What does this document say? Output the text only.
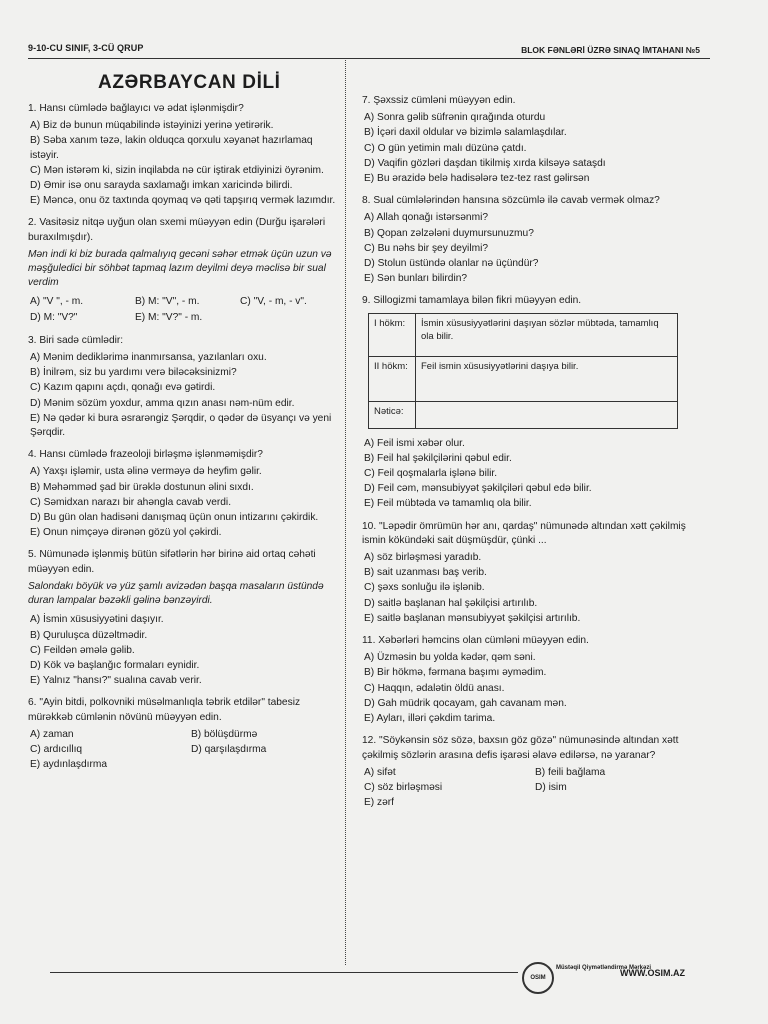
9-10-CU SINIF, 3-CÜ QRUP	BLOK FƏNLƏRİ ÜZRƏ SINAQ İMTAHANI №5
AZƏRBAYCAN DİLİ
1. Hansı cümlədə bağlayıcı və ədat işlənmişdir?
A) Biz də bunun müqabilində istəyinizi yerinə yetirərik.
B) Səba xanım təzə, lakin olduqca qorxulu xəyanət hazırlamaq istəyir.
C) Mən istərəm ki, sizin inqilabda nə cür iştirak etdiyinizi öyrənim.
D) Əmir isə onu sarayda saxlamağı imkan xaricində bilirdi.
E) Məncə, onu öz taxtında qoymaq və qəti tapşırıq vermək lazımdır.
2. Vasitəsiz nitqə uyğun olan sxemi müəyyən edin (Durğu işarələri buraxılmışdır).
Mən indi ki biz burada qalmalıyıq gecəni səhər etmək üçün uzun və məşğuledici bir söhbət tapmaq lazım deyilmi deyə məclisə bir sual verdim
A) "V ", - m.	B) M: "V", - m.	C) "V, - m, - v".
D) M: "V?"	E) M: "V?" - m.
3. Biri sadə cümlədir:
A) Mənim dediklərimə inanmırsansa, yazılanları oxu.
B) İnilrəm, siz bu yardımı verə biləcəksinizmi?
C) Kazım qapını açdı, qonağı evə gətirdi.
D) Mənim sözüm yoxdur, amma qızın anası nəm-nüm edir.
E) Nə qədər ki bura əsrarəngiz Şərqdir, o qədər də üsyançı və yeni Şərqdir.
4. Hansı cümlədə frazeoloji birləşmə işlənməmişdir?
A) Yaxşı işləmir, usta əlinə verməyə də heyfim gəlir.
B) Məhəmməd şad bir ürəklə dostunun əlini sıxdı.
C) Səmidxan narazı bir ahəngla cavab verdi.
D) Bu gün olan hadisəni danışmaq üçün onun intizarını çəkirdik.
E) Onun nimçəyə dirənən gözü yol çəkirdi.
5. Nümunədə işlənmiş bütün sifətlərin hər birinə aid ortaq cəhəti müəyyən edin.
Salondakı böyük və yüz şamlı avizədən başqa masaların üstündə duran lampalar bəzəkli gəlinə bənzəyirdi.
A) İsmin xüsusiyyətini daşıyır.
B) Quruluşca düzəltmədir.
C) Feildən əmələ gəlib.
D) Kök və başlanğıc formaları eynidir.
E) Yalnız "hansı?" sualına cavab verir.
6. "Ayin bitdi, polkovniki müsəlmanlıqla təbrik etdilər" tabesiz mürəkkəb cümlənin növünü müəyyən edin.
A) zaman	B) bölüşdürmə
C) ardıcıllıq	D) qarşılaşdırma
E) aydınlaşdırma
7. Şəxssiz cümləni müəyyən edin.
A) Sonra gəlib süfrənin qırağında oturdu
B) İçəri daxil oldular və bizimlə salamlaşdılar.
C) O gün yetimin malı düzünə çatdı.
D) Vaqifin gözləri daşdan tikilmiş xırda kilsəyə sataşdı
E) Bu ərazidə belə hadisələrə tez-tez rast gəlirsən
8. Sual cümlələrindən hansına sözcümlə ilə cavab vermək olmaz?
A) Allah qonağı istərsənmi?
B) Qopan zəlzələni duymursunuzmu?
C) Bu nəhs bir şey deyilmi?
D) Stolun üstündə olanlar nə üçündür?
E) Sən bunları bilirdin?
9. Sillogizmi tamamlaya bilən fikri müəyyən edin.
I hökm:	İsmin xüsusiyyətlərini daşıyan sözlər mübtəda, tamamlıq ola bilir.
II hökm:	Feil ismin xüsusiyyətlərini daşıya bilir.
Nəticə:	
A) Feil ismi xəbər olur.
B) Feil hal şəkilçilərini qəbul edir.
C) Feil qoşmalarla işlənə bilir.
D) Feil cəm, mənsubiyyət şəkilçiləri qəbul edə bilir.
E) Feil mübtəda və tamamlıq ola bilir.
10. "Ləpədir ömrümün hər anı, qardaş" nümunədə altından xətt çəkilmiş ismin kökündəki sait düşmüşdür, çünki ...
A) söz birləşməsi yaradıb.
B) sait uzanması baş verib.
C) şəxs sonluğu ilə işlənib.
D) saitlə başlanan hal şəkilçisi artırılıb.
E) saitlə başlanan mənsubiyyət şəkilçisi artırılıb.
11. Xəbərləri həmcins olan cümləni müəyyən edin.
A) Üzməsin bu yolda kədər, qəm səni.
B) Bir hökmə, fərmana başımı əymədim.
C) Haqqın, ədalətin öldü anası.
D) Gah müdrik qocayam, gah cavanam mən.
E) Ayları, illəri çəkdim tarima.
12. "Söykənsin söz sözə, baxsın göz gözə" nümunəsində altından xətt çəkilmiş sözlərin arasına defis işarəsi əlavə edilərsə, nə yaranar?
A) sifət	B) feili bağlama
C) söz birləşməsi	D) isim
E) zərf
OSIM
Müstəqil Qiymətləndirmə Mərkəzi
WWW.OSIM.AZ
